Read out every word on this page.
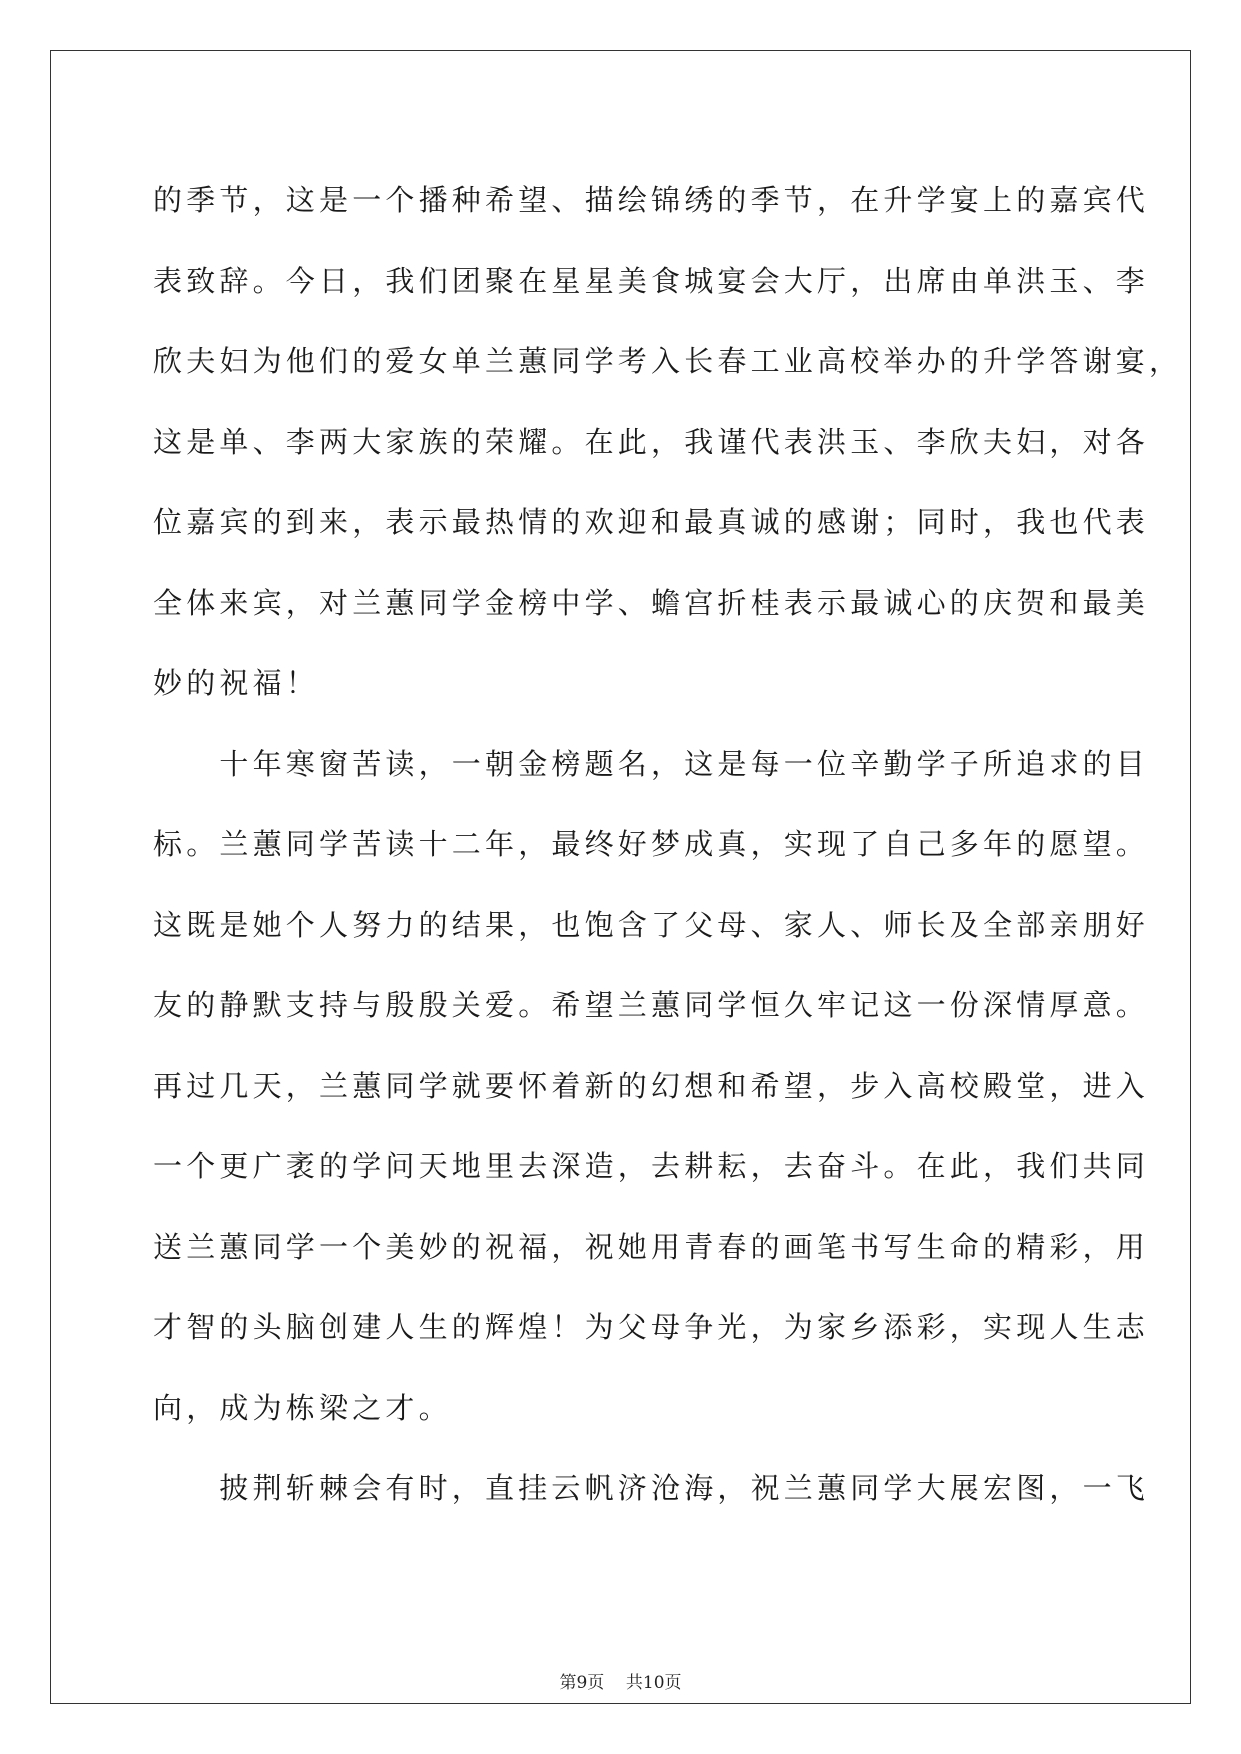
的季节，这是一个播种希望、描绘锦绣的季节，在升学宴上的嘉宾代
表致辞。今日，我们团聚在星星美食城宴会大厅，出席由单洪玉、李
欣夫妇为他们的爱女单兰蕙同学考入长春工业高校举办的升学答谢宴，
这是单、李两大家族的荣耀。在此，我谨代表洪玉、李欣夫妇，对各
位嘉宾的到来，表示最热情的欢迎和最真诚的感谢；同时，我也代表
全体来宾，对兰蕙同学金榜中学、蟾宫折桂表示最诚心的庆贺和最美
妙的祝福！
　　十年寒窗苦读，一朝金榜题名，这是每一位辛勤学子所追求的目
标。兰蕙同学苦读十二年，最终好梦成真，实现了自己多年的愿望。
这既是她个人努力的结果，也饱含了父母、家人、师长及全部亲朋好
友的静默支持与殷殷关爱。希望兰蕙同学恒久牢记这一份深情厚意。
再过几天，兰蕙同学就要怀着新的幻想和希望，步入高校殿堂，进入
一个更广袤的学问天地里去深造，去耕耘，去奋斗。在此，我们共同
送兰蕙同学一个美妙的祝福，祝她用青春的画笔书写生命的精彩，用
才智的头脑创建人生的辉煌！为父母争光，为家乡添彩，实现人生志
向，成为栋梁之才。
　　披荆斩棘会有时，直挂云帆济沧海，祝兰蕙同学大展宏图，一飞
第9页 共10页
